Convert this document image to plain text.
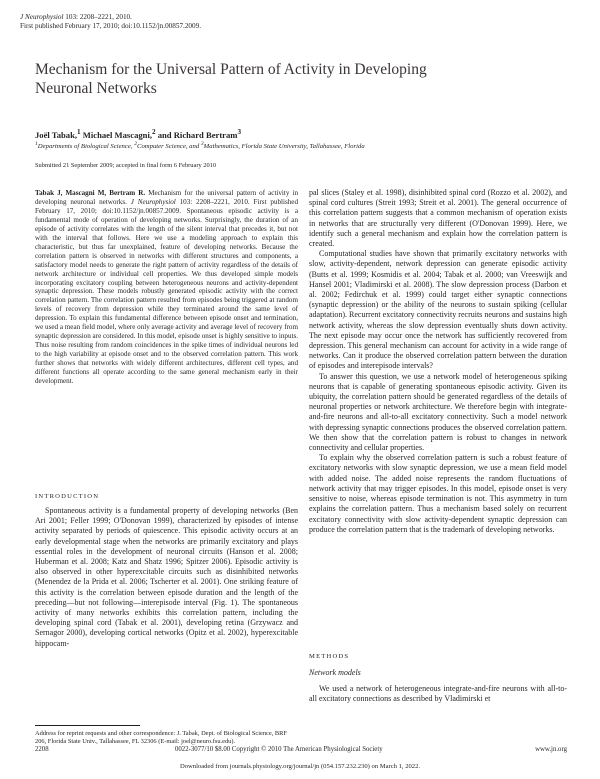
J Neurophysiol 103: 2208–2221, 2010.
First published February 17, 2010; doi:10.1152/jn.00857.2009.
Mechanism for the Universal Pattern of Activity in Developing
Neuronal Networks
Joël Tabak,$^1$ Michael Mascagni,$^2$ and Richard Bertram$^3$
$^1$Departments of Biological Science, $^2$Computer Science, and $^3$Mathematics, Florida State University, Tallahassee, Florida
Submitted 21 September 2009; accepted in final form 6 February 2010

Tabak J, Mascagni M, Bertram R. Mechanism for the universal pattern of activity in developing neuronal networks. J Neurophysiol 103: 2208–2221, 2010. First published February 17, 2010; doi:10.1152/jn.00857.2009. Spontaneous episodic activity is a fundamental mode of operation of developing networks. Surprisingly, the duration of an episode of activity correlates with the length of the silent interval that precedes it, but not with the interval that follows. Here we use a modeling approach to explain this characteristic, but thus far unexplained, feature of developing networks. Because the correlation pattern is observed in networks with different structures and components, a satisfactory model needs to generate the right pattern of activity regardless of the details of network architecture or individual cell properties. We thus developed simple models incorporating excitatory coupling between heterogeneous neurons and activity-dependent synaptic depression. These models robustly generated episodic activity with the correct correlation pattern. The correlation pattern resulted from episodes being triggered at random levels of recovery from depression while they terminated around the same level of depression. To explain this fundamental difference between episode onset and termination, we used a mean field model, where only average activity and average level of recovery from synaptic depression are considered. In this model, episode onset is highly sensitive to inputs. Thus noise resulting from random coincidences in the spike times of individual neurons led to the high variability at episode onset and to the observed correlation pattern. This work further shows that networks with widely different architectures, different cell types, and different functions all operate according to the same general mechanism early in their development.

INTRODUCTION

Spontaneous activity is a fundamental property of developing networks (Ben Ari 2001; Feller 1999; O'Donovan 1999), characterized by episodes of intense activity separated by periods of quiescence. This episodic activity occurs at an early developmental stage when the networks are primarily excitatory and plays essential roles in the development of neuronal circuits (Hanson et al. 2008; Huberman et al. 2008; Katz and Shatz 1996; Spitzer 2006). Episodic activity is also observed in other hyperexcitable circuits such as disinhibited networks (Menendez de la Prida et al. 2006; Tscherter et al. 2001). One striking feature of this activity is the correlation between episode duration and the length of the preceding—but not following—interepisode interval (Fig. 1). The spontaneous activity of many networks exhibits this correlation pattern, including the developing spinal cord (Tabak et al. 2001), developing retina (Grzywacz and Sernagor 2000), developing cortical networks (Opitz et al. 2002), hyperexcitable hippocam-

pal slices (Staley et al. 1998), disinhibited spinal cord (Rozzo et al. 2002), and spinal cord cultures (Streit 1993; Streit et al. 2001). The general occurrence of this correlation pattern suggests that a common mechanism of operation exists in networks that are structurally very different (O'Donovan 1999). Here, we identify such a general mechanism and explain how the correlation pattern is created.

Computational studies have shown that primarily excitatory networks with slow, activity-dependent, network depression can generate episodic activity (Butts et al. 1999; Kosmidis et al. 2004; Tabak et al. 2000; van Vreeswijk and Hansel 2001; Vladimirski et al. 2008). The slow depression process (Darbon et al. 2002; Fedirchuk et al. 1999) could target either synaptic connections (synaptic depression) or the ability of the neurons to sustain spiking (cellular adaptation). Recurrent excitatory connectivity recruits neurons and sustains high network activity, whereas the slow depression eventually shuts down activity. The next episode may occur once the network has sufficiently recovered from depression. This general mechanism can account for activity in a wide range of networks. Can it produce the observed correlation pattern between the duration of episodes and interepisode intervals?

To answer this question, we use a network model of heterogeneous spiking neurons that is capable of generating spontaneous episodic activity. Given its ubiquity, the correlation pattern should be generated regardless of the details of neuronal properties or network architecture. We therefore begin with integrate-and-fire neurons and all-to-all excitatory connectivity. Such a model network with depressing synaptic connections produces the observed correlation pattern. We then show that the correlation pattern is robust to changes in network connectivity and cellular properties.

To explain why the observed correlation pattern is such a robust feature of excitatory networks with slow synaptic depression, we use a mean field model with added noise. The added noise represents the random fluctuations of network activity that may trigger episodes. In this model, episode onset is very sensitive to noise, whereas episode termination is not. This asymmetry in turn explains the correlation pattern. Thus a mechanism based solely on recurrent excitatory connectivity with slow activity-dependent synaptic depression can produce the correlation pattern that is the trademark of developing networks.

METHODS
Network models

We used a network of heterogeneous integrate-and-fire neurons with all-to-all excitatory connections as described by Vladimirski et

Address for reprint requests and other correspondence: J. Tabak, Dept. of Biological Science, BRF 206, Florida State Univ., Tallahassee, FL 32306 (E-mail: joel@neuro.fsu.edu).
2208	0022-3077/10 $8.00 Copyright © 2010 The American Physiological Society	www.jn.org
Downloaded from journals.physiology.org/journal/jn (054.157.232.230) on March 1, 2022.
